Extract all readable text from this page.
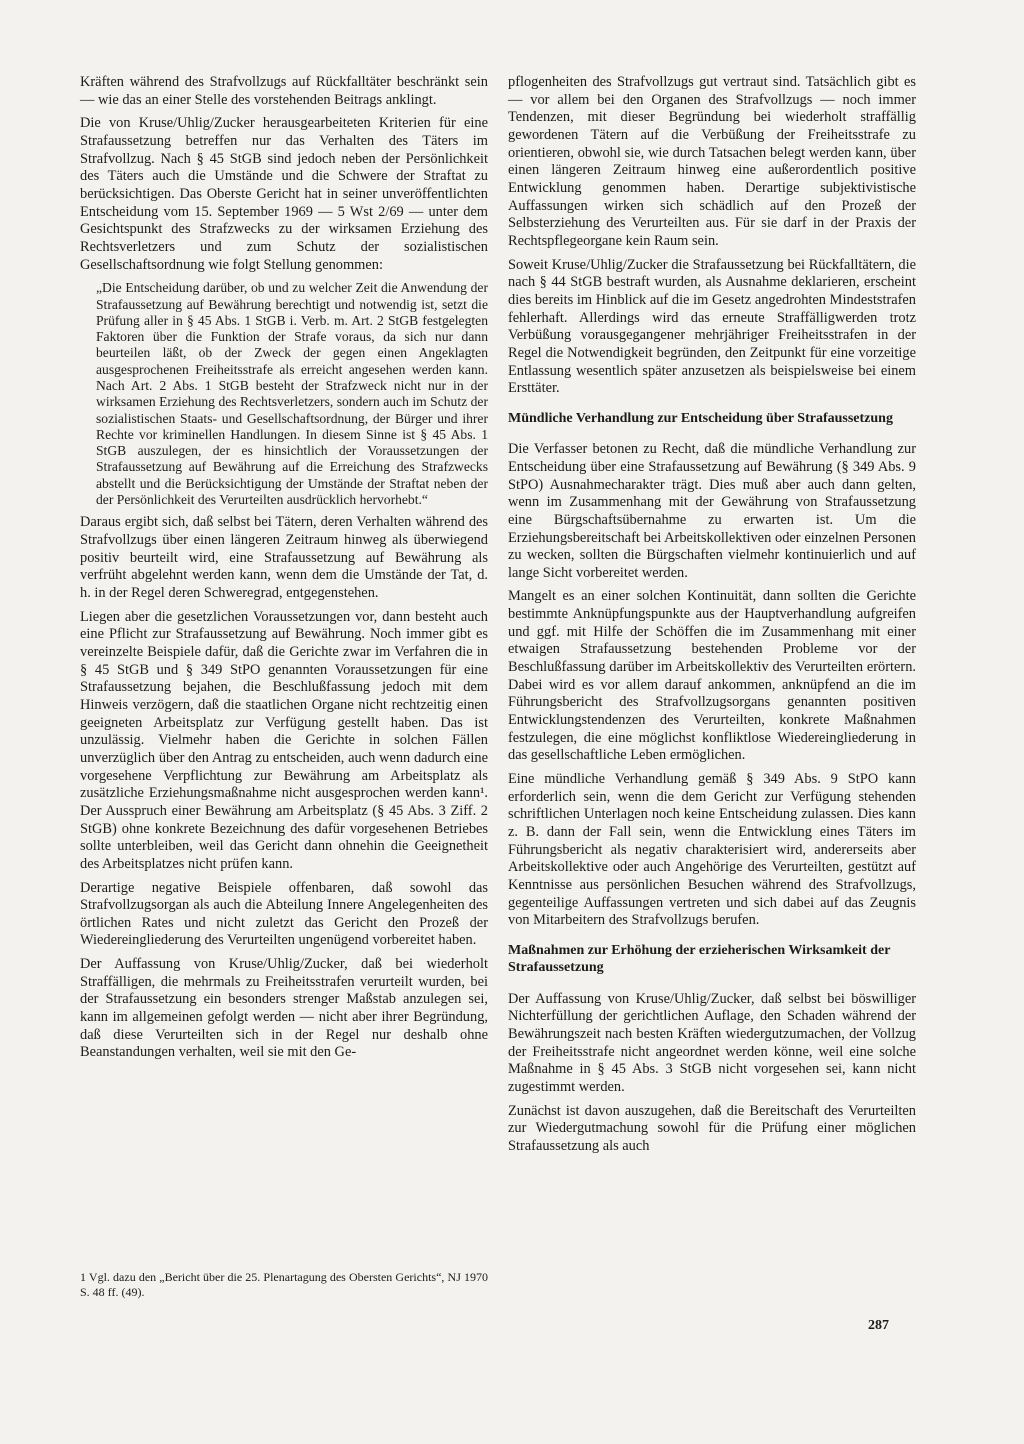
Kräften während des Strafvollzugs auf Rückfalltäter beschränkt sein — wie das an einer Stelle des vorstehenden Beitrags anklingt.

Die von Kruse/Uhlig/Zucker herausgearbeiteten Kriterien für eine Strafaussetzung betreffen nur das Verhalten des Täters im Strafvollzug. Nach § 45 StGB sind jedoch neben der Persönlichkeit des Täters auch die Umstände und die Schwere der Straftat zu berücksichtigen. Das Oberste Gericht hat in seiner unveröffentlichten Entscheidung vom 15. September 1969 — 5 Wst 2/69 — unter dem Gesichtspunkt des Strafzwecks zu der wirksamen Erziehung des Rechtsverletzers und zum Schutz der sozialistischen Gesellschaftsordnung wie folgt Stellung genommen:

„Die Entscheidung darüber, ob und zu welcher Zeit die Anwendung der Strafaussetzung auf Bewährung berechtigt und notwendig ist, setzt die Prüfung aller in § 45 Abs. 1 StGB i. Verb. m. Art. 2 StGB festgelegten Faktoren über die Funktion der Strafe voraus, da sich nur dann beurteilen läßt, ob der Zweck der gegen einen Angeklagten ausgesprochenen Freiheitsstrafe als erreicht angesehen werden kann. Nach Art. 2 Abs. 1 StGB besteht der Strafzweck nicht nur in der wirksamen Erziehung des Rechtsverletzers, sondern auch im Schutz der sozialistischen Staats- und Gesellschaftsordnung, der Bürger und ihrer Rechte vor kriminellen Handlungen. In diesem Sinne ist § 45 Abs. 1 StGB auszulegen, der es hinsichtlich der Voraussetzungen der Strafaussetzung auf Bewährung auf die Erreichung des Strafzwecks abstellt und die Berücksichtigung der Umstände der Straftat neben der der Persönlichkeit des Verurteilten ausdrücklich hervorhebt.“

Daraus ergibt sich, daß selbst bei Tätern, deren Verhalten während des Strafvollzugs über einen längeren Zeitraum hinweg als überwiegend positiv beurteilt wird, eine Strafaussetzung auf Bewährung als verfrüht abgelehnt werden kann, wenn dem die Umstände der Tat, d. h. in der Regel deren Schweregrad, entgegenstehen.

Liegen aber die gesetzlichen Voraussetzungen vor, dann besteht auch eine Pflicht zur Strafaussetzung auf Bewährung. Noch immer gibt es vereinzelte Beispiele dafür, daß die Gerichte zwar im Verfahren die in § 45 StGB und § 349 StPO genannten Voraussetzungen für eine Strafaussetzung bejahen, die Beschlußfassung jedoch mit dem Hinweis verzögern, daß die staatlichen Organe nicht rechtzeitig einen geeigneten Arbeitsplatz zur Verfügung gestellt haben. Das ist unzulässig. Vielmehr haben die Gerichte in solchen Fällen unverzüglich über den Antrag zu entscheiden, auch wenn dadurch eine vorgesehene Verpflichtung zur Bewährung am Arbeitsplatz als zusätzliche Erziehungsmaßnahme nicht ausgesprochen werden kann¹. Der Ausspruch einer Bewährung am Arbeitsplatz (§ 45 Abs. 3 Ziff. 2 StGB) ohne konkrete Bezeichnung des dafür vorgesehenen Betriebes sollte unterbleiben, weil das Gericht dann ohnehin die Geeignetheit des Arbeitsplatzes nicht prüfen kann.

Derartige negative Beispiele offenbaren, daß sowohl das Strafvollzugsorgan als auch die Abteilung Innere Angelegenheiten des örtlichen Rates und nicht zuletzt das Gericht den Prozeß der Wiedereingliederung des Verurteilten ungenügend vorbereitet haben.

Der Auffassung von Kruse/Uhlig/Zucker, daß bei wiederholt Straffälligen, die mehrmals zu Freiheitsstrafen verurteilt wurden, bei der Strafaussetzung ein besonders strenger Maßstab anzulegen sei, kann im allgemeinen gefolgt werden — nicht aber ihrer Begründung, daß diese Verurteilten sich in der Regel nur deshalb ohne Beanstandungen verhalten, weil sie mit den Ge-

1 Vgl. dazu den „Bericht über die 25. Plenartagung des Obersten Gerichts“, NJ 1970 S. 48 ff. (49).

pflogenheiten des Strafvollzugs gut vertraut sind. Tatsächlich gibt es — vor allem bei den Organen des Strafvollzugs — noch immer Tendenzen, mit dieser Begründung bei wiederholt straffällig gewordenen Tätern auf die Verbüßung der Freiheitsstrafe zu orientieren, obwohl sie, wie durch Tatsachen belegt werden kann, über einen längeren Zeitraum hinweg eine außerordentlich positive Entwicklung genommen haben. Derartige subjektivistische Auffassungen wirken sich schädlich auf den Prozeß der Selbsterziehung des Verurteilten aus. Für sie darf in der Praxis der Rechtspflegeorgane kein Raum sein.

Soweit Kruse/Uhlig/Zucker die Strafaussetzung bei Rückfalltätern, die nach § 44 StGB bestraft wurden, als Ausnahme deklarieren, erscheint dies bereits im Hinblick auf die im Gesetz angedrohten Mindeststrafen fehlerhaft. Allerdings wird das erneute Straffälligwerden trotz Verbüßung vorausgegangener mehrjähriger Freiheitsstrafen in der Regel die Notwendigkeit begründen, den Zeitpunkt für eine vorzeitige Entlassung wesentlich später anzusetzen als beispielsweise bei einem Ersttäter.

Mündliche Verhandlung zur Entscheidung über Strafaussetzung

Die Verfasser betonen zu Recht, daß die mündliche Verhandlung zur Entscheidung über eine Strafaussetzung auf Bewährung (§ 349 Abs. 9 StPO) Ausnahmecharakter trägt. Dies muß aber auch dann gelten, wenn im Zusammenhang mit der Gewährung von Strafaussetzung eine Bürgschaftsübernahme zu erwarten ist. Um die Erziehungsbereitschaft bei Arbeitskollektiven oder einzelnen Personen zu wecken, sollten die Bürgschaften vielmehr kontinuierlich und auf lange Sicht vorbereitet werden.

Mangelt es an einer solchen Kontinuität, dann sollten die Gerichte bestimmte Anknüpfungspunkte aus der Hauptverhandlung aufgreifen und ggf. mit Hilfe der Schöffen die im Zusammenhang mit einer etwaigen Strafaussetzung bestehenden Probleme vor der Beschlußfassung darüber im Arbeitskollektiv des Verurteilten erörtern. Dabei wird es vor allem darauf ankommen, anknüpfend an die im Führungsbericht des Strafvollzugsorgans genannten positiven Entwicklungstendenzen des Verurteilten, konkrete Maßnahmen festzulegen, die eine möglichst konfliktlose Wiedereingliederung in das gesellschaftliche Leben ermöglichen.

Eine mündliche Verhandlung gemäß § 349 Abs. 9 StPO kann erforderlich sein, wenn die dem Gericht zur Verfügung stehenden schriftlichen Unterlagen noch keine Entscheidung zulassen. Dies kann z. B. dann der Fall sein, wenn die Entwicklung eines Täters im Führungsbericht als negativ charakterisiert wird, andererseits aber Arbeitskollektive oder auch Angehörige des Verurteilten, gestützt auf Kenntnisse aus persönlichen Besuchen während des Strafvollzugs, gegenteilige Auffassungen vertreten und sich dabei auf das Zeugnis von Mitarbeitern des Strafvollzugs berufen.

Maßnahmen zur Erhöhung der erzieherischen Wirksamkeit der Strafaussetzung

Der Auffassung von Kruse/Uhlig/Zucker, daß selbst bei böswilliger Nichterfüllung der gerichtlichen Auflage, den Schaden während der Bewährungszeit nach besten Kräften wiedergutzumachen, der Vollzug der Freiheitsstrafe nicht angeordnet werden könne, weil eine solche Maßnahme in § 45 Abs. 3 StGB nicht vorgesehen sei, kann nicht zugestimmt werden.

Zunächst ist davon auszugehen, daß die Bereitschaft des Verurteilten zur Wiedergutmachung sowohl für die Prüfung einer möglichen Strafaussetzung als auch

287
